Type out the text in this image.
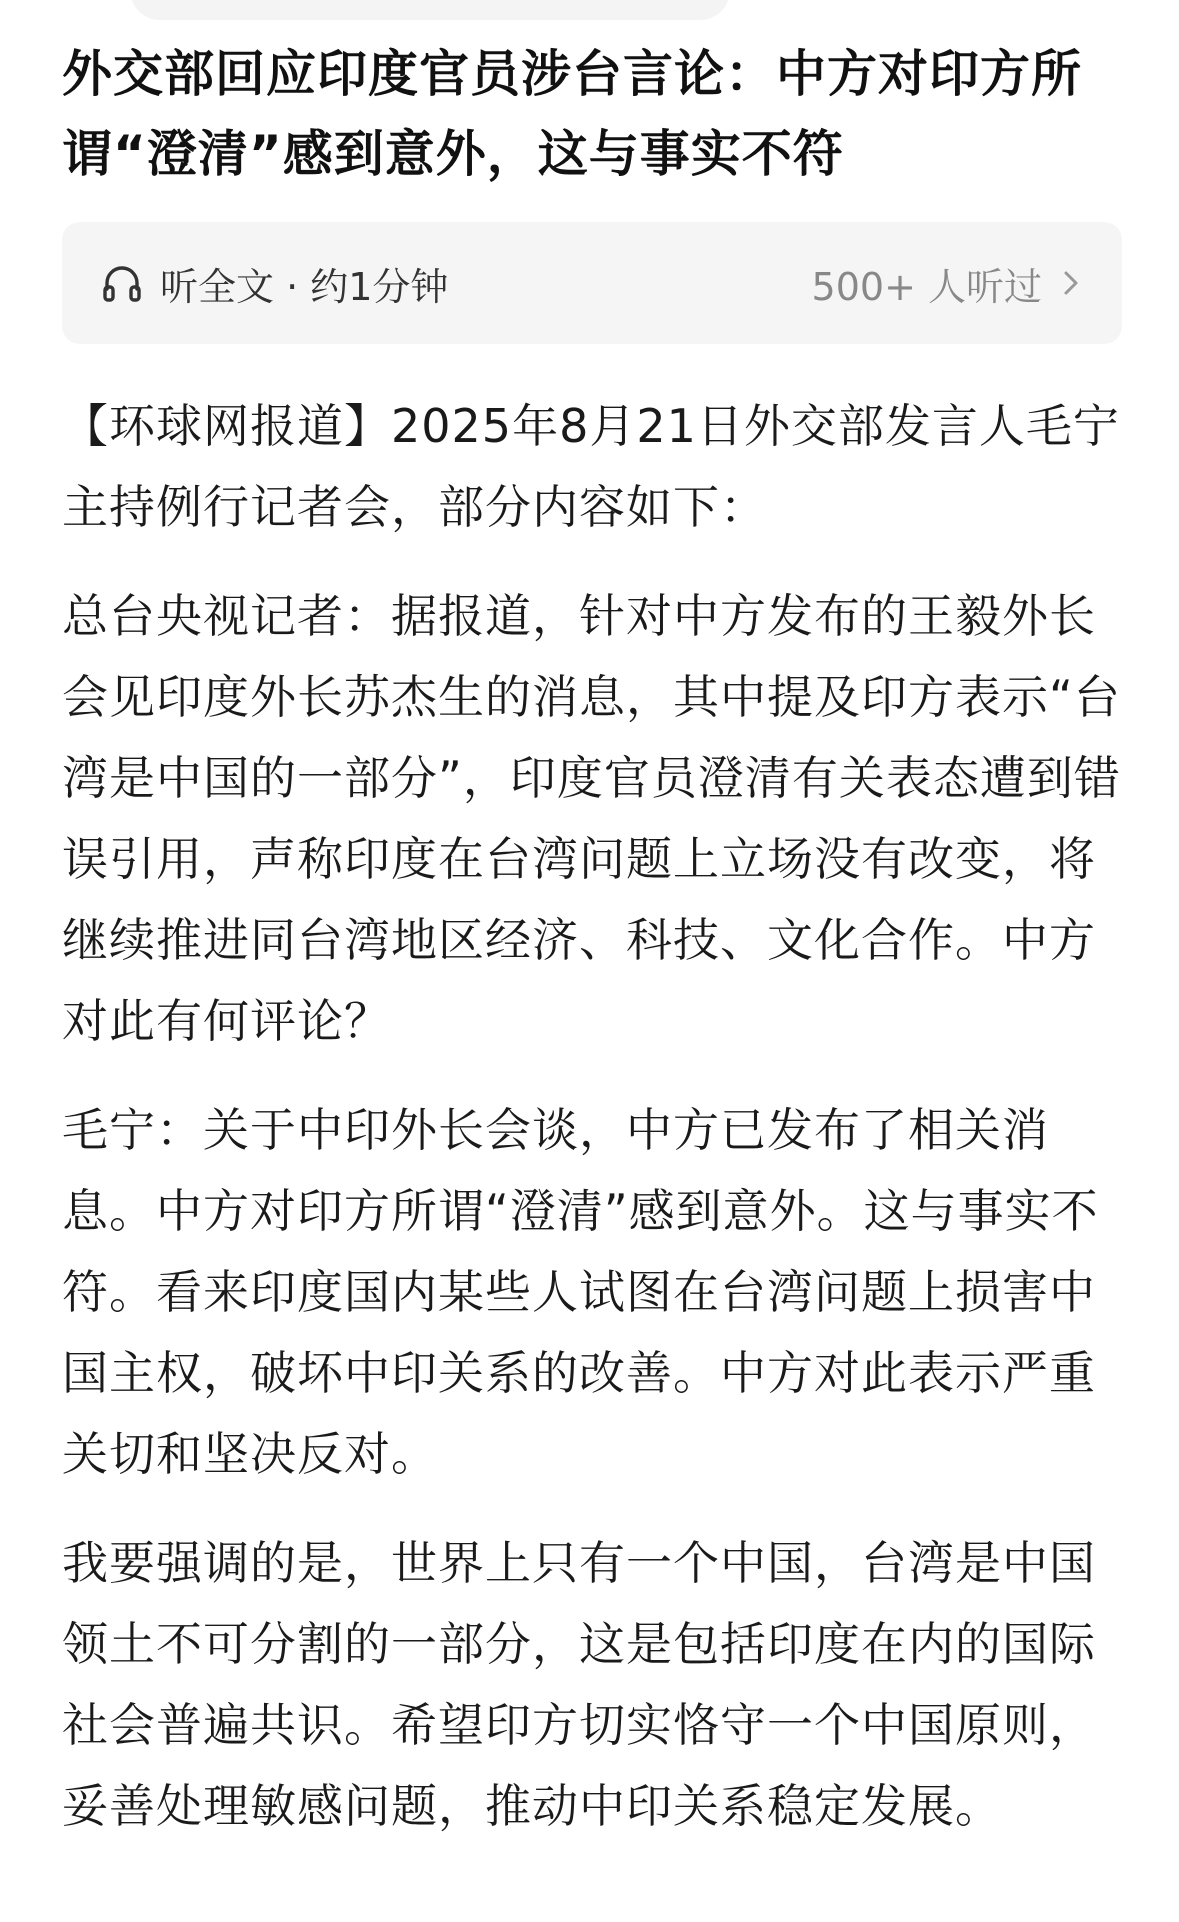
外交部回应印度官员涉台言论：中方对印方所谓“澄清”感到意外，这与事实不符
听全文 · 约1分钟	500+ 人听过

【环球网报道】2025年8月21日外交部发言人毛宁主持例行记者会，部分内容如下：

总台央视记者：据报道，针对中方发布的王毅外长会见印度外长苏杰生的消息，其中提及印方表示“台湾是中国的一部分”，印度官员澄清有关表态遭到错误引用，声称印度在台湾问题上立场没有改变，将继续推进同台湾地区经济、科技、文化合作。中方对此有何评论？

毛宁：关于中印外长会谈，中方已发布了相关消息。中方对印方所谓“澄清”感到意外。这与事实不符。看来印度国内某些人试图在台湾问题上损害中国主权，破坏中印关系的改善。中方对此表示严重关切和坚决反对。

我要强调的是，世界上只有一个中国，台湾是中国领土不可分割的一部分，这是包括印度在内的国际社会普遍共识。希望印方切实恪守一个中国原则，妥善处理敏感问题，推动中印关系稳定发展。
